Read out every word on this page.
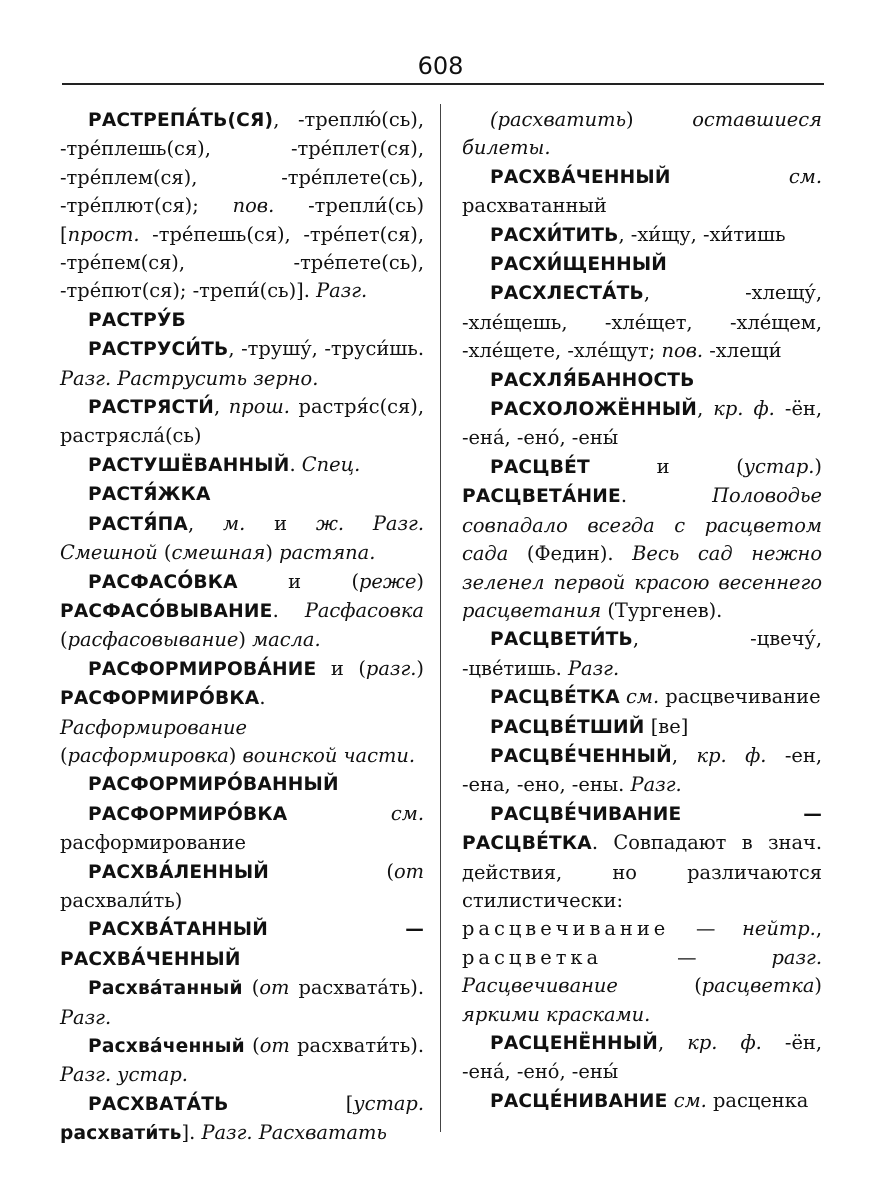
608

РАСТРЕПА́ТЬ(СЯ), -треплю́(сь), -тре́плешь(ся), -тре́плет(ся), -тре́плем(ся), -тре́плете(сь), -тре́плют(ся); пов. -трепли́(сь) [прост. -тре́пешь(ся), -тре́пет(ся), -тре́пем(ся), -тре́пете(сь), -тре́пют(ся); -трепи́(сь)]. Разг.

РАСТРУ́Б

РАСТРУСИ́ТЬ, -трушу́, -труси́шь. Разг. Раструсить зерно.

РАСТРЯСТИ́, прош. растря́с(ся), растрясла́(сь)

РАСТУШЁВАННЫЙ. Спец.

РАСТЯ́ЖКА

РАСТЯ́ПА, м. и ж. Разг. Смешной (смешная) растяпа.

РАСФАСО́ВКА и (реже) РАСФАСО́ВЫВАНИЕ. Расфасовка (расфасовывание) масла.

РАСФОРМИРОВА́НИЕ и (разг.) РАСФОРМИРО́ВКА. Расформирование (расформировка) воинской части.

РАСФОРМИРО́ВАННЫЙ

РАСФОРМИРО́ВКА	см. расформирование

РАСХВА́ЛЕННЫЙ (от расхвали́ть)

РАСХВА́ТАННЫЙ — РАСХВА́ЧЕННЫЙ

Расхва́танный (от расхвата́ть). Разг.

Расхва́ченный (от расхвати́ть). Разг. устар.

РАСХВАТА́ТЬ [устар. расхвати́ть]. Разг. Расхватать

(расхватить) оставшиеся билеты.

РАСХВА́ЧЕННЫЙ	см. расхватанный

РАСХИ́ТИТЬ, -хи́щу, -хи́тишь

РАСХИ́ЩЕННЫЙ

РАСХЛЕСТА́ТЬ, -хлещу́, -хле́щешь, -хле́щет, -хле́щем, -хле́щете, -хле́щут; пов. -хлещи́

РАСХЛЯ́БАННОСТЬ

РАСХОЛОЖЁННЫЙ, кр. ф. -ён, -ена́, -ено́, -ены́

РАСЦВЕ́Т и (устар.) РАСЦВЕТА́НИЕ. Половодье совпадало всегда с расцветом сада (Федин). Весь сад нежно зеленел первой красою весеннего расцветания (Тургенев).

РАСЦВЕТИ́ТЬ, -цвечу́, -цве́тишь. Разг.

РАСЦВЕ́ТКА см. расцвечивание

РАСЦВЕ́ТШИЙ [ве]

РАСЦВЕ́ЧЕННЫЙ, кр. ф. -ен, -ена, -ено, -ены. Разг.

РАСЦВЕ́ЧИВАНИЕ — РАСЦВЕ́ТКА. Совпадают в знач. действия, но различаются стилистически: расцвечивание — нейтр., расцветка — разг. Расцвечивание (расцветка) яркими красками.

РАСЦЕНЁННЫЙ, кр. ф. -ён, -ена́, -ено́, -ены́

РАСЦЕ́НИВАНИЕ см. расценка
